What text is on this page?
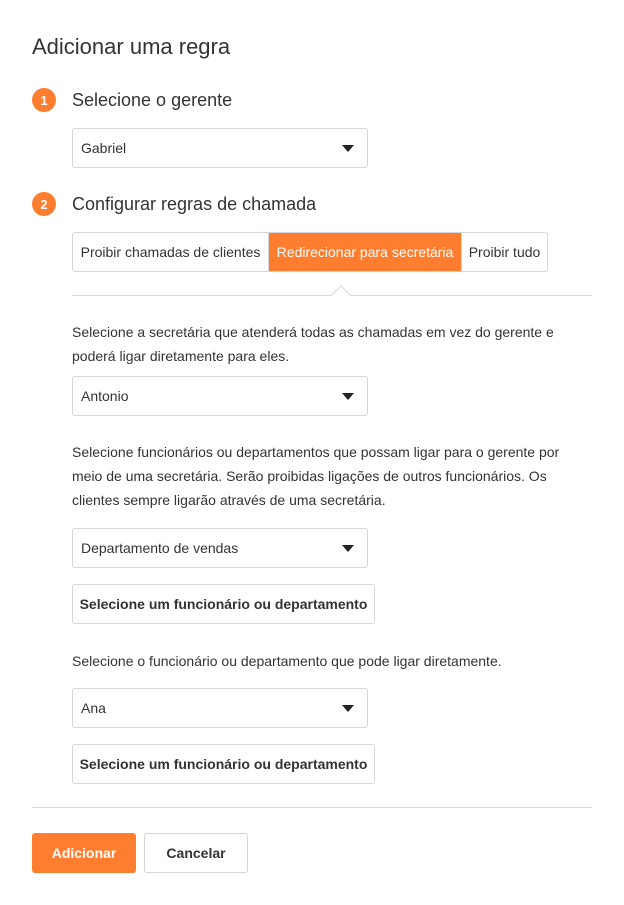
Adicionar uma regra
1	Selecione o gerente
Gabriel
2	Configurar regras de chamada
Proibir chamadas de clientes	Redirecionar para secretária	Proibir tudo

Selecione a secretária que atenderá todas as chamadas em vez do gerente e poderá ligar diretamente para eles.

Antonio

Selecione funcionários ou departamentos que possam ligar para o gerente por meio de uma secretária. Serão proibidas ligações de outros funcionários. Os clientes sempre ligarão através de uma secretária.

Departamento de vendas
Selecione um funcionário ou departamento

Selecione o funcionário ou departamento que pode ligar diretamente.

Ana
Selecione um funcionário ou departamento
Adicionar	Cancelar
